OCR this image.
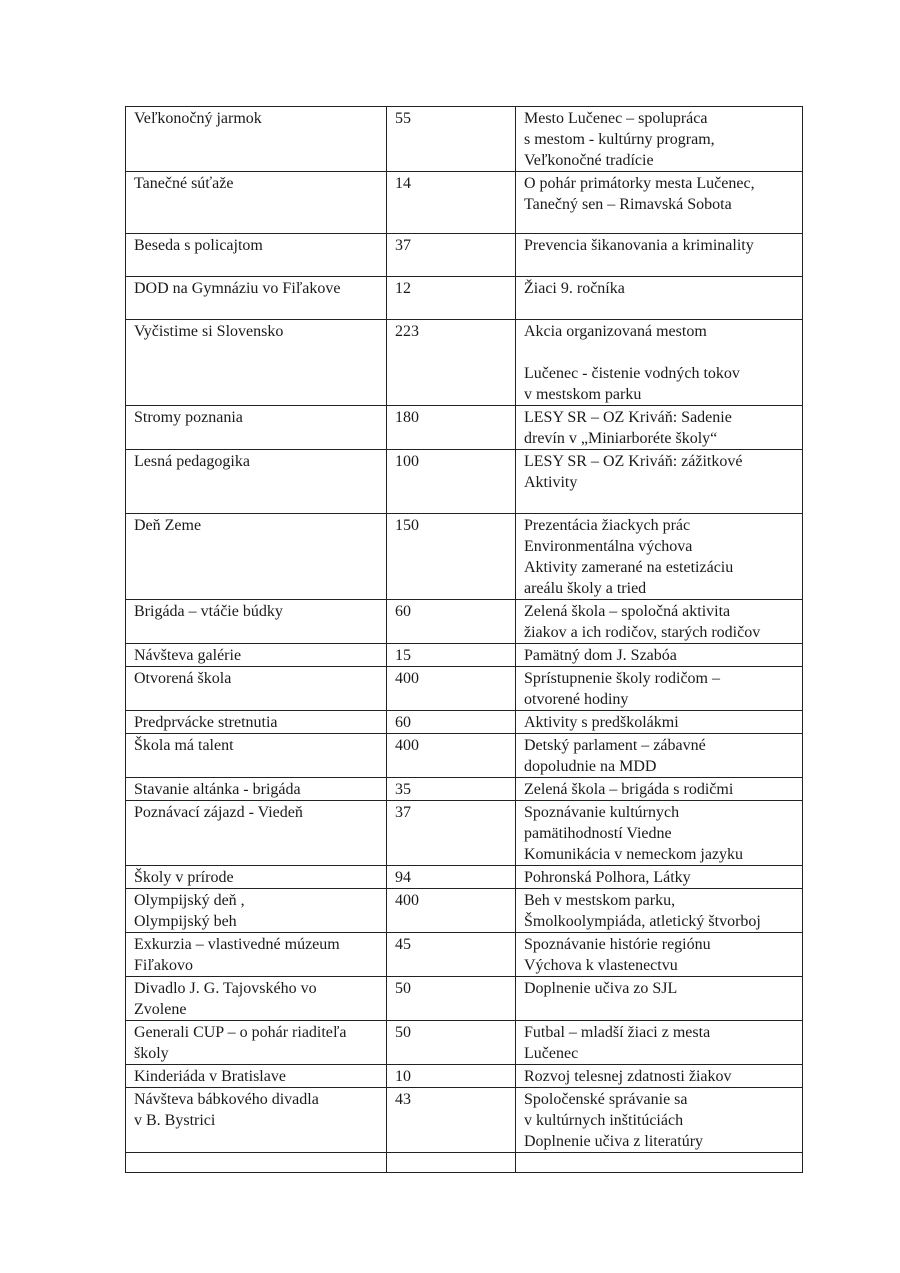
Veľkonočný jarmok	55	Mesto Lučenec – spolupráca
s mestom - kultúrny program,
Veľkonočné tradície
Tanečné súťaže	14	O pohár primátorky mesta Lučenec,
Tanečný sen – Rimavská Sobota
Beseda s policajtom	37	Prevencia šikanovania a kriminality
DOD na Gymnáziu vo Fiľakove	12	Žiaci 9. ročníka
Vyčistime si Slovensko	223	Akcia organizovaná mestom

Lučenec - čistenie vodných tokov
v mestskom parku
Stromy poznania	180	LESY SR – OZ Kriváň: Sadenie
drevín v „Miniarboréte školy“
Lesná pedagogika	100	LESY SR – OZ Kriváň: zážitkové
Aktivity
Deň Zeme	150	Prezentácia žiackych prác
Environmentálna výchova
Aktivity zamerané na estetizáciu
areálu školy a tried
Brigáda – vtáčie búdky	60	Zelená škola – spoločná aktivita
žiakov a ich rodičov, starých rodičov
Návšteva galérie	15	Pamätný dom J. Szabóa
Otvorená škola	400	Sprístupnenie školy rodičom –
otvorené hodiny
Predprvácke stretnutia	60	Aktivity s predškolákmi
Škola má talent	400	Detský parlament – zábavné
dopoludnie na MDD
Stavanie altánka - brigáda	35	Zelená škola – brigáda s rodičmi
Poznávací zájazd - Viedeň	37	Spoznávanie kultúrnych
pamätihodností Viedne
Komunikácia v nemeckom jazyku
Školy v prírode	94	Pohronská Polhora, Látky
Olympijský deň ,
Olympijský beh	400	Beh v mestskom parku,
Šmolkoolympiáda, atletický štvorboj
Exkurzia – vlastivedné múzeum
Fiľakovo	45	Spoznávanie histórie regiónu
Výchova k vlastenectvu
Divadlo J. G. Tajovského vo
Zvolene	50	Doplnenie učiva zo SJL
Generali CUP – o pohár riaditeľa
školy	50	Futbal – mladší žiaci z mesta
Lučenec
Kinderiáda v Bratislave	10	Rozvoj telesnej zdatnosti žiakov
Návšteva bábkového divadla
v B. Bystrici	43	Spoločenské správanie sa
v kultúrnych inštitúciách
Doplnenie učiva z literatúry
